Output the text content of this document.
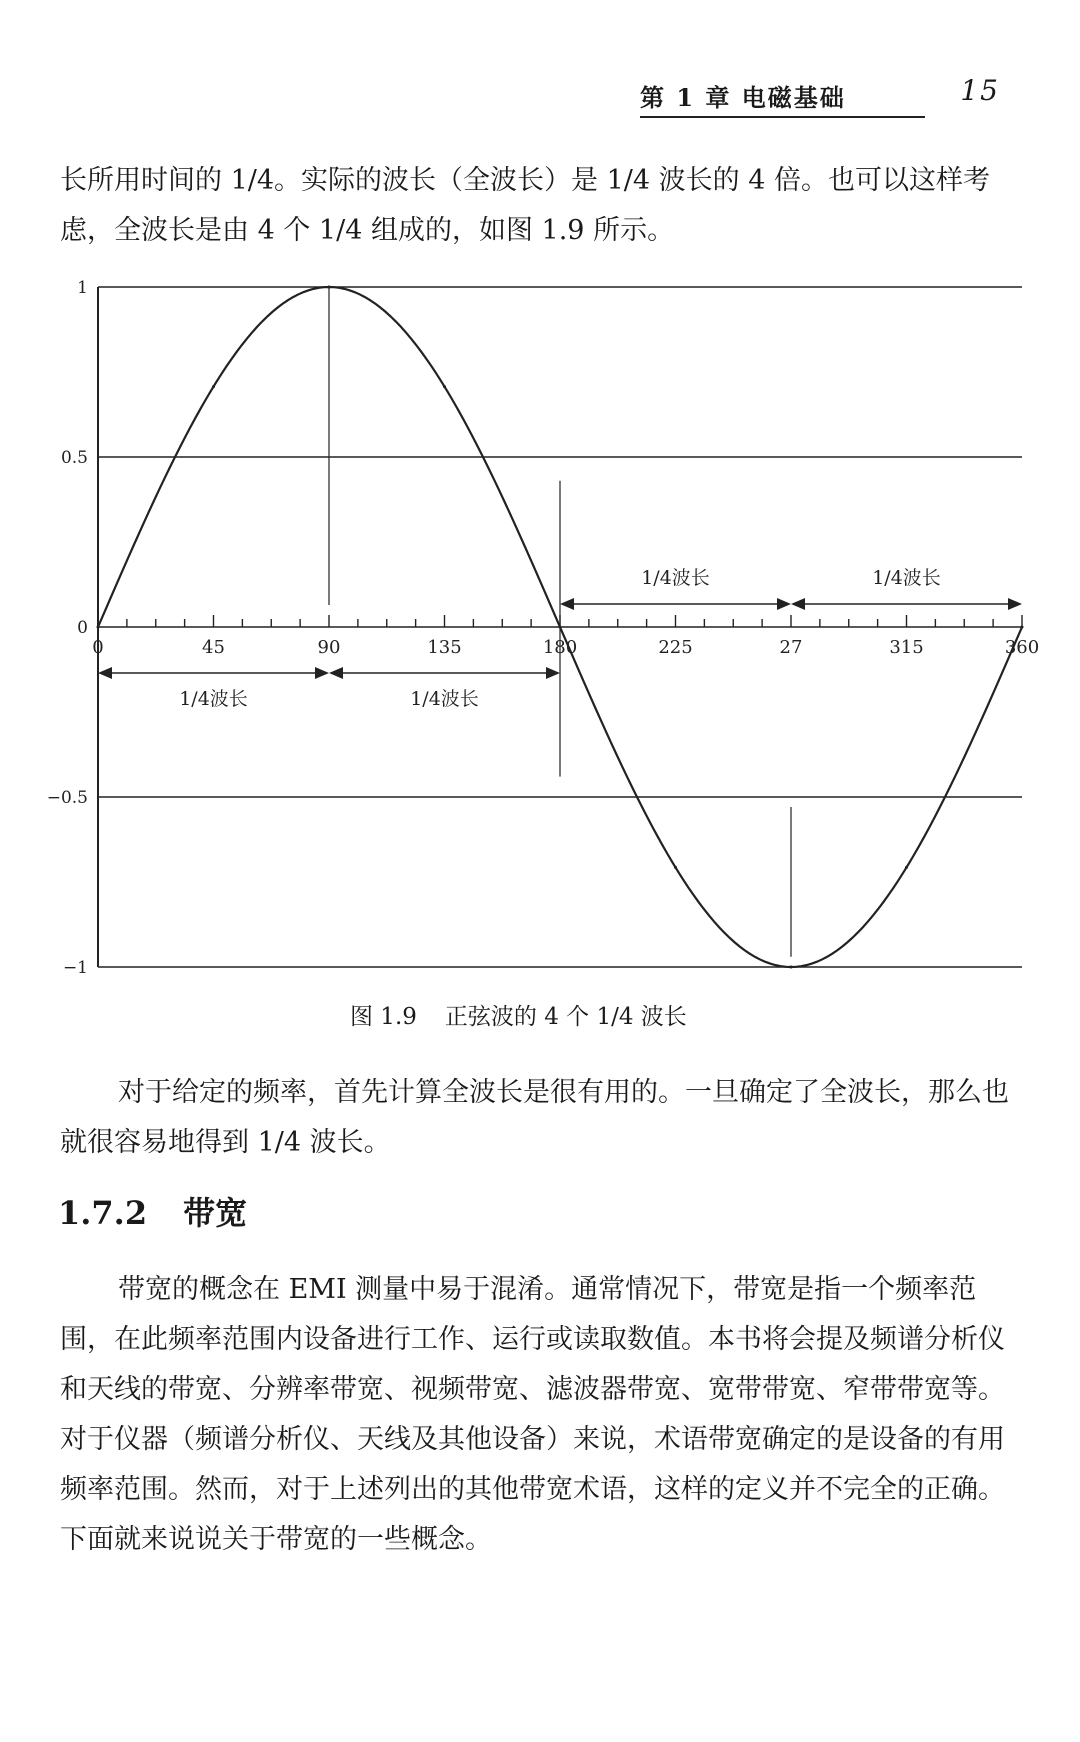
第 1 章 电磁基础	15

长所用时间的 1/4。实际的波长（全波长）是 1/4 波长的 4 倍。也可以这样考虑，全波长是由 4 个 1/4 组成的，如图 1.9 所示。

1
0.5
0
−0.5
−1
0	45	90	135	180	225	27	315	360
1/4波长	1/4波长
1/4波长	1/4波长
图 1.9 正弦波的 4 个 1/4 波长

对于给定的频率，首先计算全波长是很有用的。一旦确定了全波长，那么也就很容易地得到 1/4 波长。

1.7.2 带宽

带宽的概念在 EMI 测量中易于混淆。通常情况下，带宽是指一个频率范围，在此频率范围内设备进行工作、运行或读取数值。本书将会提及频谱分析仪和天线的带宽、分辨率带宽、视频带宽、滤波器带宽、宽带带宽、窄带带宽等。对于仪器（频谱分析仪、天线及其他设备）来说，术语带宽确定的是设备的有用频率范围。然而，对于上述列出的其他带宽术语，这样的定义并不完全的正确。下面就来说说关于带宽的一些概念。
